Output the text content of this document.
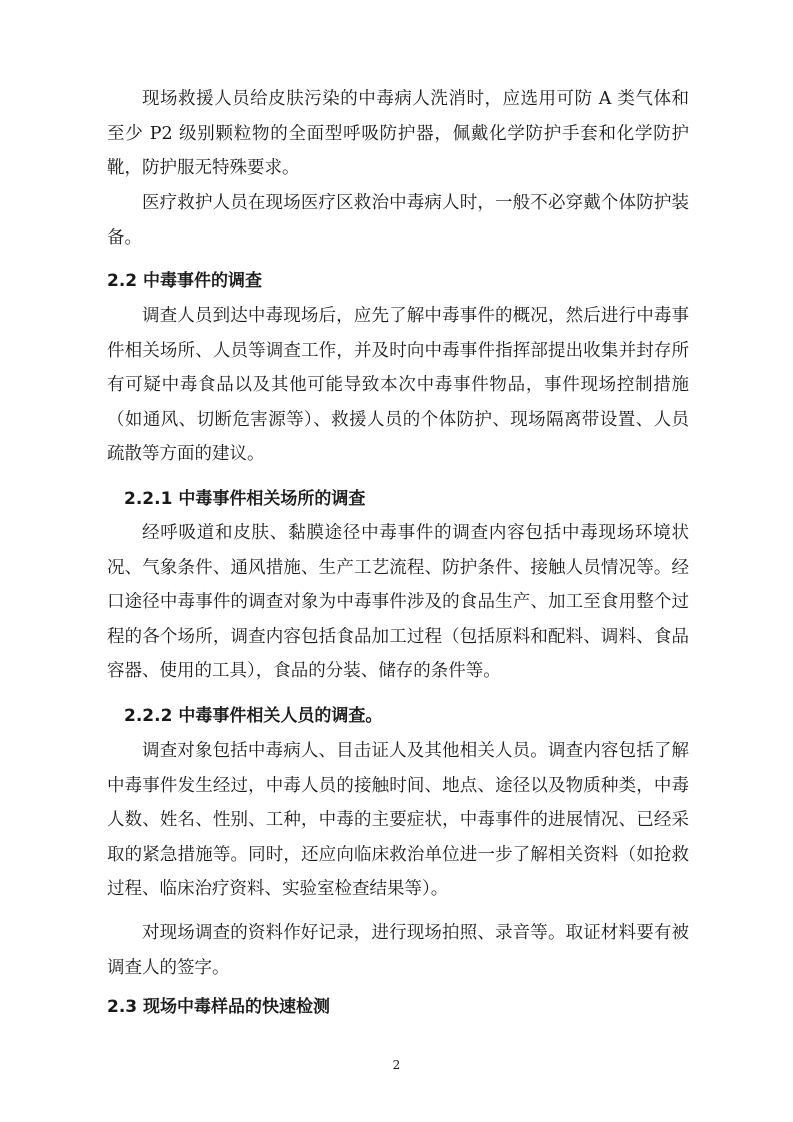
现场救援人员给皮肤污染的中毒病人洗消时，应选用可防 A 类气体和至少 P2 级别颗粒物的全面型呼吸防护器，佩戴化学防护手套和化学防护靴，防护服无特殊要求。

医疗救护人员在现场医疗区救治中毒病人时，一般不必穿戴个体防护装备。

2.2 中毒事件的调查

调查人员到达中毒现场后，应先了解中毒事件的概况，然后进行中毒事件相关场所、人员等调查工作，并及时向中毒事件指挥部提出收集并封存所有可疑中毒食品以及其他可能导致本次中毒事件物品，事件现场控制措施（如通风、切断危害源等）、救援人员的个体防护、现场隔离带设置、人员疏散等方面的建议。

2.2.1 中毒事件相关场所的调查

经呼吸道和皮肤、黏膜途径中毒事件的调查内容包括中毒现场环境状况、气象条件、通风措施、生产工艺流程、防护条件、接触人员情况等。经口途径中毒事件的调查对象为中毒事件涉及的食品生产、加工至食用整个过程的各个场所，调查内容包括食品加工过程（包括原料和配料、调料、食品容器、使用的工具），食品的分装、储存的条件等。

2.2.2 中毒事件相关人员的调查。

调查对象包括中毒病人、目击证人及其他相关人员。调查内容包括了解中毒事件发生经过，中毒人员的接触时间、地点、途径以及物质种类，中毒人数、姓名、性别、工种，中毒的主要症状，中毒事件的进展情况、已经采取的紧急措施等。同时，还应向临床救治单位进一步了解相关资料（如抢救过程、临床治疗资料、实验室检查结果等）。

对现场调查的资料作好记录，进行现场拍照、录音等。取证材料要有被调查人的签字。

2.3 现场中毒样品的快速检测
2
